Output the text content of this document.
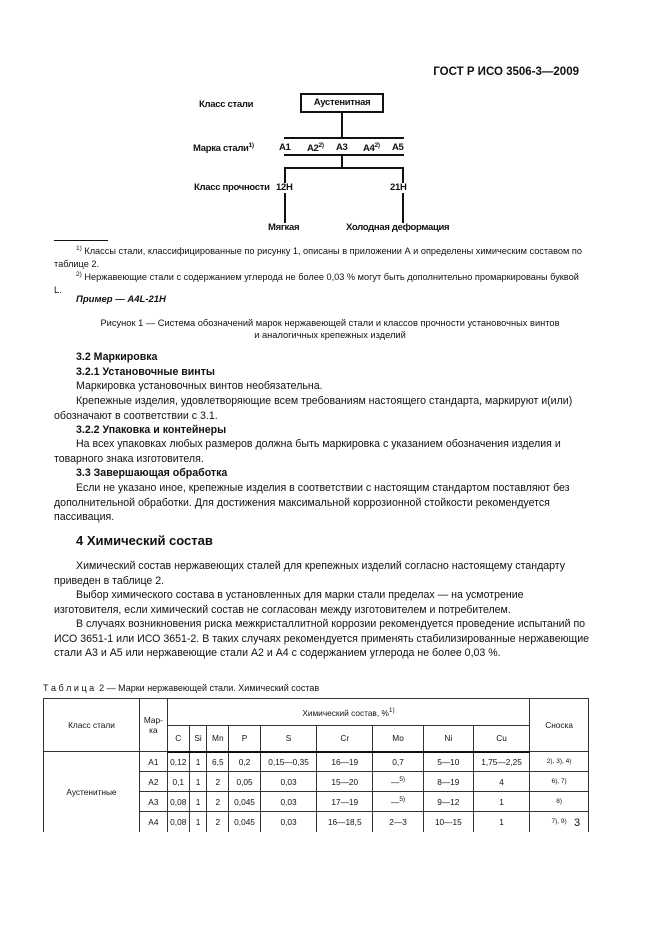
ГОСТ Р ИСО 3506-3—2009
Класс стали	Аустенитная
Марка стали$^{1)}$	A1 A2$^{2)}$ A3 A4$^{2)}$ A5
Класс прочности 12H	21H
Мягкая	Холодная деформация
$^{1)}$ Классы стали, классифицированные по рисунку 1, описаны в приложении А и определены химическим составом по таблице 2.
$^{2)}$ Нержавеющие стали с содержанием углерода не более 0,03 % могут быть дополнительно промаркированы буквой L.
Пример — A4L-21H
Рисунок 1 — Система обозначений марок нержавеющей стали и классов прочности установочных винтов и аналогичных крепежных изделий
3.2 Маркировка
3.2.1 Установочные винты
Маркировка установочных винтов необязательна.
Крепежные изделия, удовлетворяющие всем требованиям настоящего стандарта, маркируют и(или) обозначают в соответствии с 3.1.
3.2.2 Упаковка и контейнеры
На всех упаковках любых размеров должна быть маркировка с указанием обозначения изделия и товарного знака изготовителя.
3.3 Завершающая обработка
Если не указано иное, крепежные изделия в соответствии с настоящим стандартом поставляют без дополнительной обработки. Для достижения максимальной коррозионной стойкости рекомендуется пассивация.
4 Химический состав
Химический состав нержавеющих сталей для крепежных изделий согласно настоящему стандарту приведен в таблице 2.
Выбор химического состава в установленных для марки стали пределах — на усмотрение изготовителя, если химический состав не согласован между изготовителем и потребителем.
В случаях возникновения риска межкристаллитной коррозии рекомендуется проведение испытаний по ИСО 3651-1 или ИСО 3651-2. В таких случаях рекомендуется применять стабилизированные нержавеющие стали A3 и A5 или нержавеющие стали A2 и A4 с содержанием углерода не более 0,03 %.
Т а б л и ц а 2 — Марки нержавеющей стали. Химический состав
Класс стали	Мар-ка	Химический состав, %$^{1)}$									Сноска
		C	Si	Mn	P	S	Cr	Mo	Ni	Cu	
Аустенитные	A1	0,12	1	6,5	0,2	0,15—0,35	16—19	0,7	5—10	1,75—2,25	2), 3), 4)
	A2	0,1	1	2	0,05	0,03	15—20	—$^{5)}$	8—19	4	6), 7)
	A3	0,08	1	2	0,045	0,03	17—19	—$^{5)}$	9—12	1	8)
	A4	0,08	1	2	0,045	0,03	16—18,5	2—3	10—15	1	7), 9) 3
